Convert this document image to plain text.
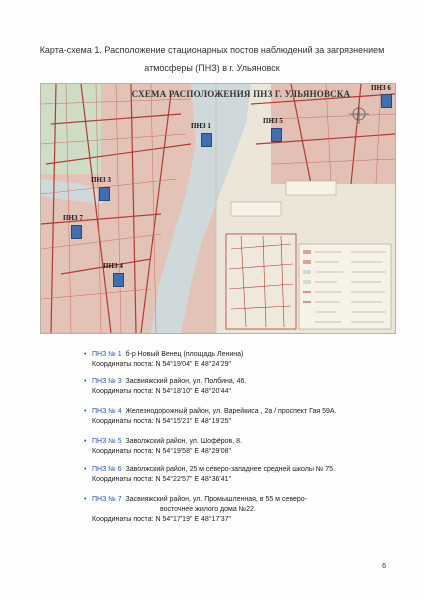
Карта-схема 1. Расположение стационарных постов наблюдений за загрязнением
атмосферы (ПНЗ) в г. Ульяновск
СХЕМА РАСПОЛОЖЕНИЯ ПНЗ Г. УЛЬЯНОВСКА
ПНЗ 1
ПНЗ 3
ПНЗ 4
ПНЗ 5
ПНЗ 6
ПНЗ 7
• ПНЗ № 1 б-р Новый Венец (площадь Ленина)
Координаты поста: N 54°19'04" E 48°24'29"
• ПНЗ № 3 Засвияжский район, ул. Полбина, 46.
Координаты поста: N 54°18'10" E 48°20'44"
• ПНЗ № 4 Железнодорожный район, ул. Варейкиса , 2а / проспект Гая 59А.
Координаты поста: N 54°15'21" E 48°19'25"
• ПНЗ № 5 Заволжский район, ул. Шофёров, 8.
Координаты поста: N 54°19'58" E 48°29'08"
• ПНЗ № 6 Заволжский район, 25 м северо-западнее средней школы № 75.
Координаты поста: N 54°22'57" E 48°36'41"
• ПНЗ № 7 Засвияжский район, ул. Промышленная, в 55 м северо-
восточнее жилого дома №22.
Координаты поста: N 54°17'19" E 48°17'37"
6
